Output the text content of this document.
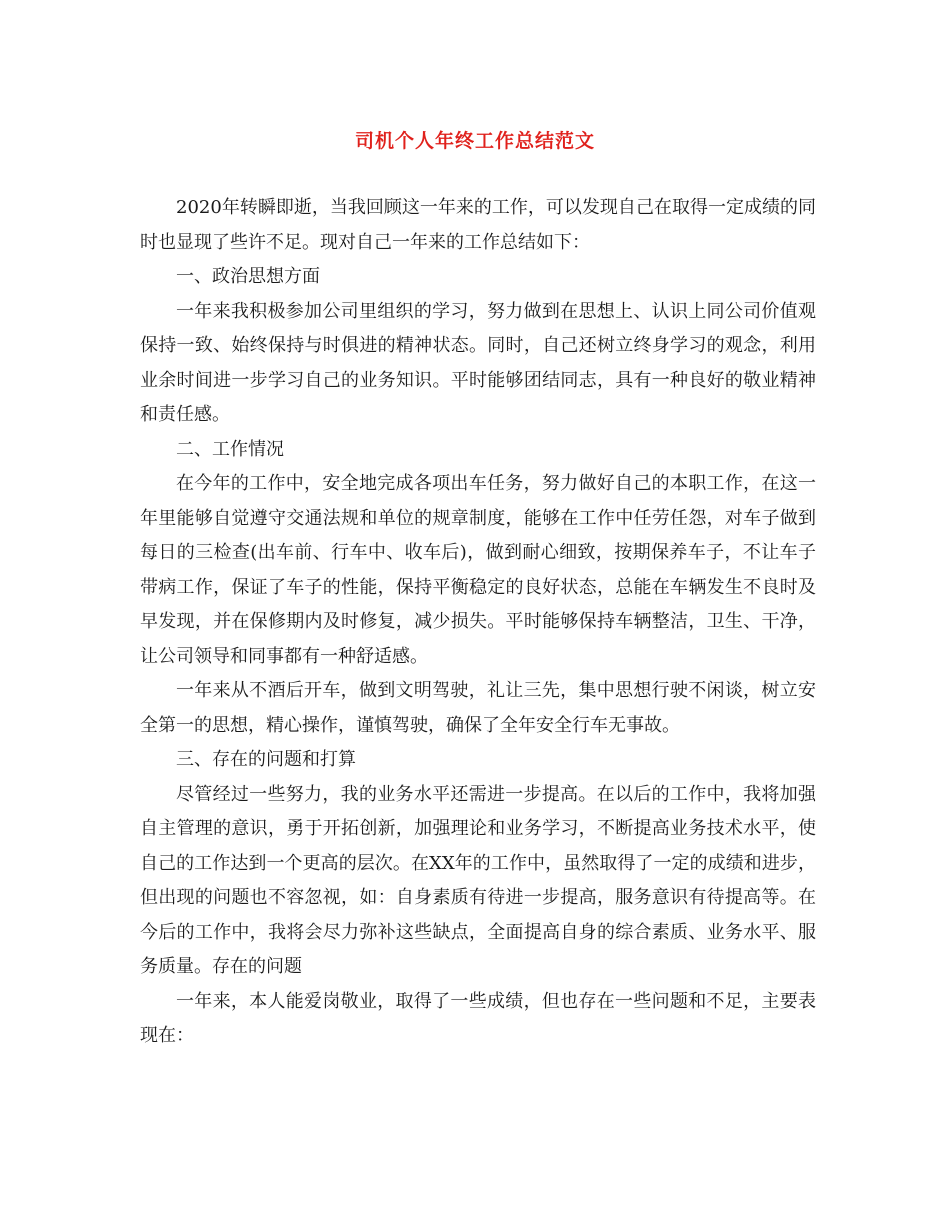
司机个人年终工作总结范文

2020年转瞬即逝，当我回顾这一年来的工作，可以发现自己在取得一定成绩的同时也显现了些许不足。现对自己一年来的工作总结如下：

一、政治思想方面

一年来我积极参加公司里组织的学习，努力做到在思想上、认识上同公司价值观保持一致、始终保持与时俱进的精神状态。同时，自己还树立终身学习的观念，利用业余时间进一步学习自己的业务知识。平时能够团结同志，具有一种良好的敬业精神和责任感。

二、工作情况

在今年的工作中，安全地完成各项出车任务，努力做好自己的本职工作，在这一年里能够自觉遵守交通法规和单位的规章制度，能够在工作中任劳任怨，对车子做到每日的三检查(出车前、行车中、收车后)，做到耐心细致，按期保养车子，不让车子带病工作，保证了车子的性能，保持平衡稳定的良好状态，总能在车辆发生不良时及早发现，并在保修期内及时修复，减少损失。平时能够保持车辆整洁，卫生、干净，让公司领导和同事都有一种舒适感。

一年来从不酒后开车，做到文明驾驶，礼让三先，集中思想行驶不闲谈，树立安全第一的思想，精心操作，谨慎驾驶，确保了全年安全行车无事故。

三、存在的问题和打算

尽管经过一些努力，我的业务水平还需进一步提高。在以后的工作中，我将加强自主管理的意识，勇于开拓创新，加强理论和业务学习，不断提高业务技术水平，使自己的工作达到一个更高的层次。在XX年的工作中，虽然取得了一定的成绩和进步，但出现的问题也不容忽视，如：自身素质有待进一步提高，服务意识有待提高等。在今后的工作中，我将会尽力弥补这些缺点，全面提高自身的综合素质、业务水平、服务质量。存在的问题

一年来，本人能爱岗敬业，取得了一些成绩，但也存在一些问题和不足，主要表现在：
